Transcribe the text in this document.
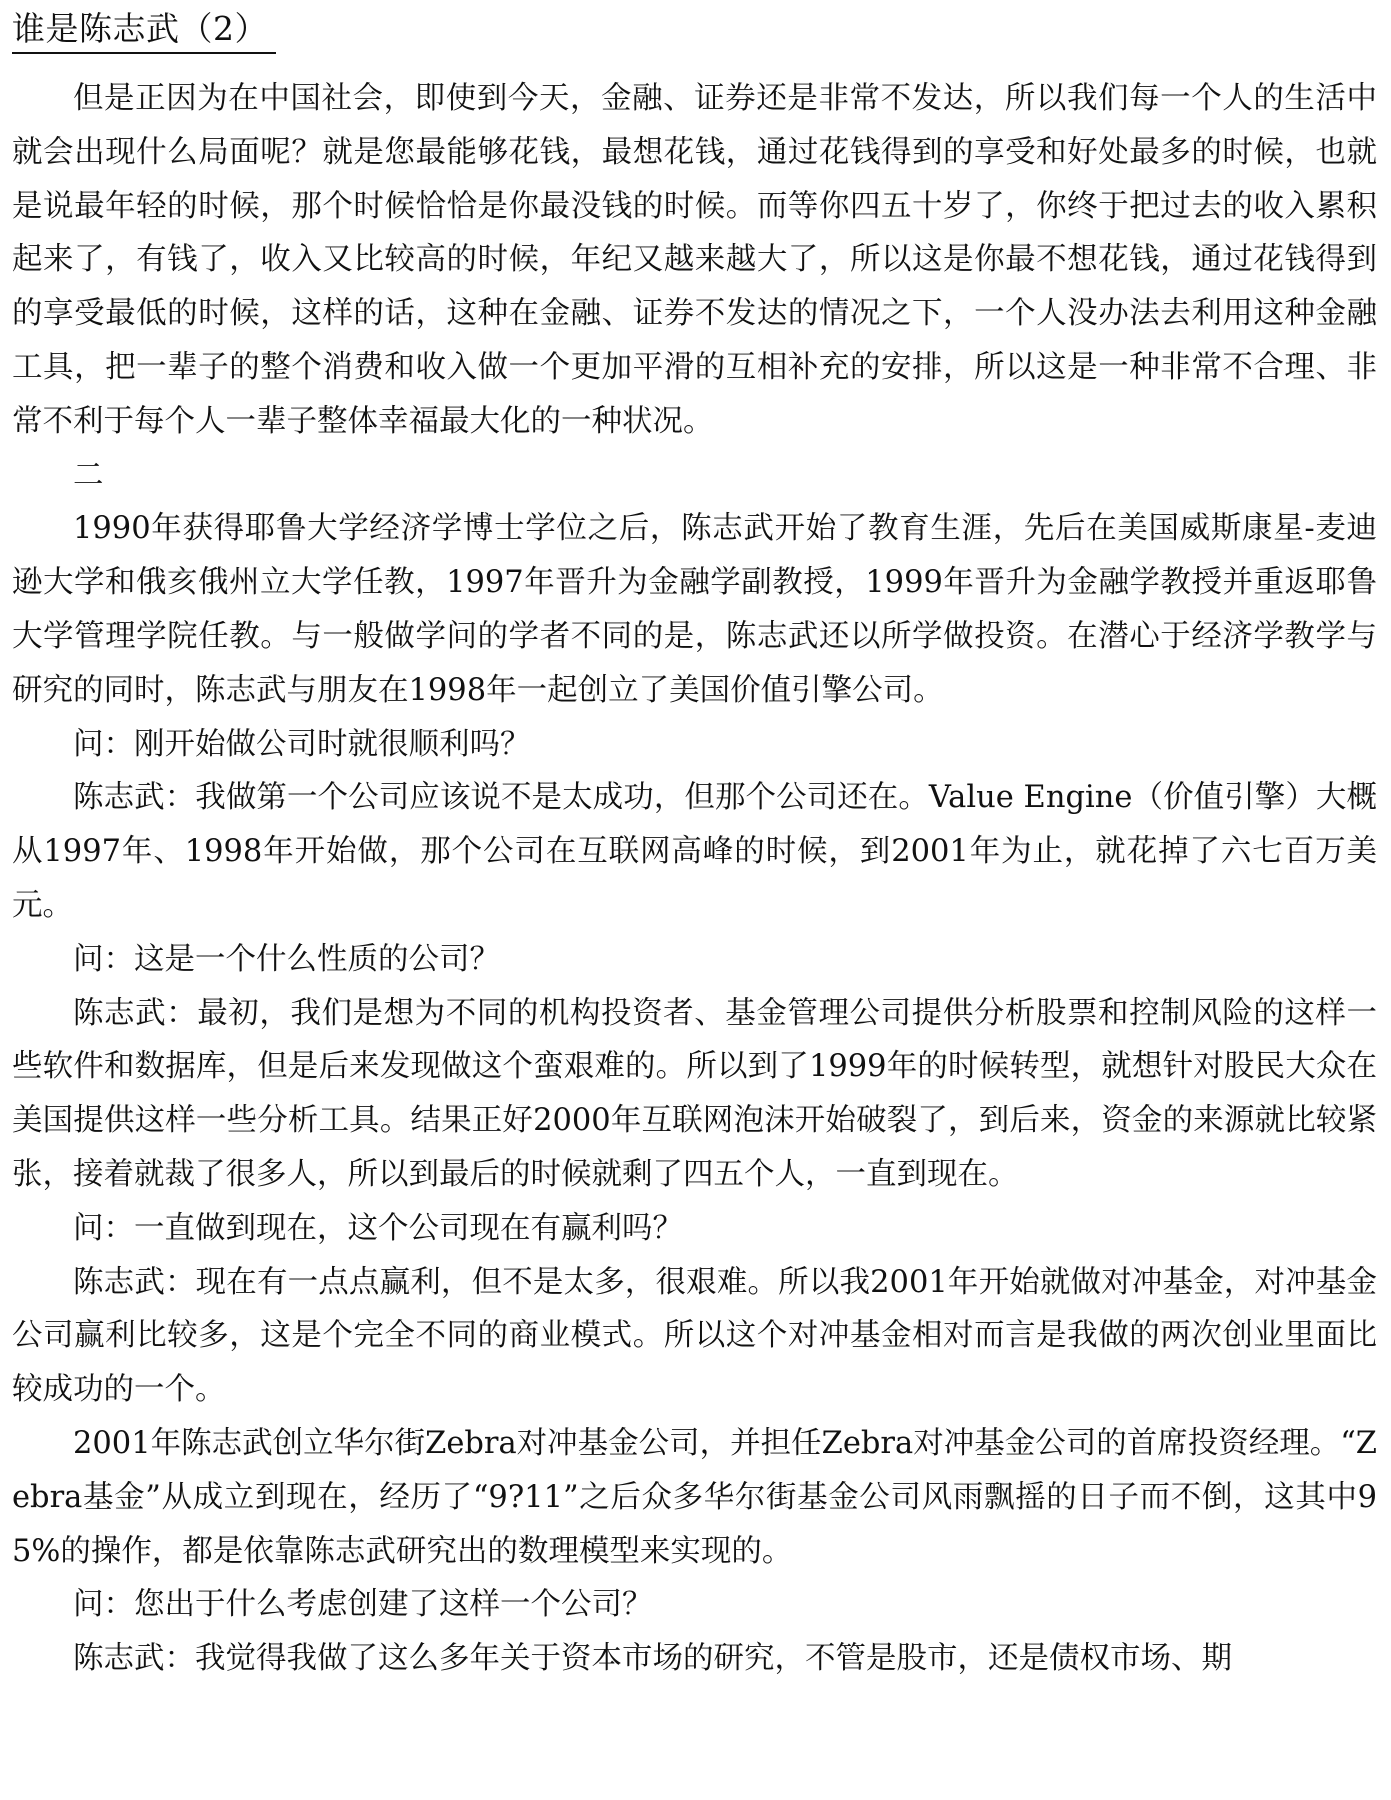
谁是陈志武（2）

但是正因为在中国社会，即使到今天，金融、证券还是非常不发达，所以我们每一个人的生活中就会出现什么局面呢？就是您最能够花钱，最想花钱，通过花钱得到的享受和好处最多的时候，也就是说最年轻的时候，那个时候恰恰是你最没钱的时候。而等你四五十岁了，你终于把过去的收入累积起来了，有钱了，收入又比较高的时候，年纪又越来越大了，所以这是你最不想花钱，通过花钱得到的享受最低的时候，这样的话，这种在金融、证券不发达的情况之下，一个人没办法去利用这种金融工具，把一辈子的整个消费和收入做一个更加平滑的互相补充的安排，所以这是一种非常不合理、非常不利于每个人一辈子整体幸福最大化的一种状况。

二

1990年获得耶鲁大学经济学博士学位之后，陈志武开始了教育生涯，先后在美国威斯康星-麦迪逊大学和俄亥俄州立大学任教，1997年晋升为金融学副教授，1999年晋升为金融学教授并重返耶鲁大学管理学院任教。与一般做学问的学者不同的是，陈志武还以所学做投资。在潜心于经济学教学与研究的同时，陈志武与朋友在1998年一起创立了美国价值引擎公司。

问：刚开始做公司时就很顺利吗？

陈志武：我做第一个公司应该说不是太成功，但那个公司还在。Value Engine（价值引擎）大概从1997年、1998年开始做，那个公司在互联网高峰的时候，到2001年为止，就花掉了六七百万美元。

问：这是一个什么性质的公司？

陈志武：最初，我们是想为不同的机构投资者、基金管理公司提供分析股票和控制风险的这样一些软件和数据库，但是后来发现做这个蛮艰难的。所以到了1999年的时候转型，就想针对股民大众在美国提供这样一些分析工具。结果正好2000年互联网泡沫开始破裂了，到后来，资金的来源就比较紧张，接着就裁了很多人，所以到最后的时候就剩了四五个人，一直到现在。

问：一直做到现在，这个公司现在有赢利吗？

陈志武：现在有一点点赢利，但不是太多，很艰难。所以我2001年开始就做对冲基金，对冲基金公司赢利比较多，这是个完全不同的商业模式。所以这个对冲基金相对而言是我做的两次创业里面比较成功的一个。

2001年陈志武创立华尔街Zebra对冲基金公司，并担任Zebra对冲基金公司的首席投资经理。“Zebra基金”从成立到现在，经历了“9?11”之后众多华尔街基金公司风雨飘摇的日子而不倒，这其中95%的操作，都是依靠陈志武研究出的数理模型来实现的。

问：您出于什么考虑创建了这样一个公司？

陈志武：我觉得我做了这么多年关于资本市场的研究，不管是股市，还是债权市场、期
